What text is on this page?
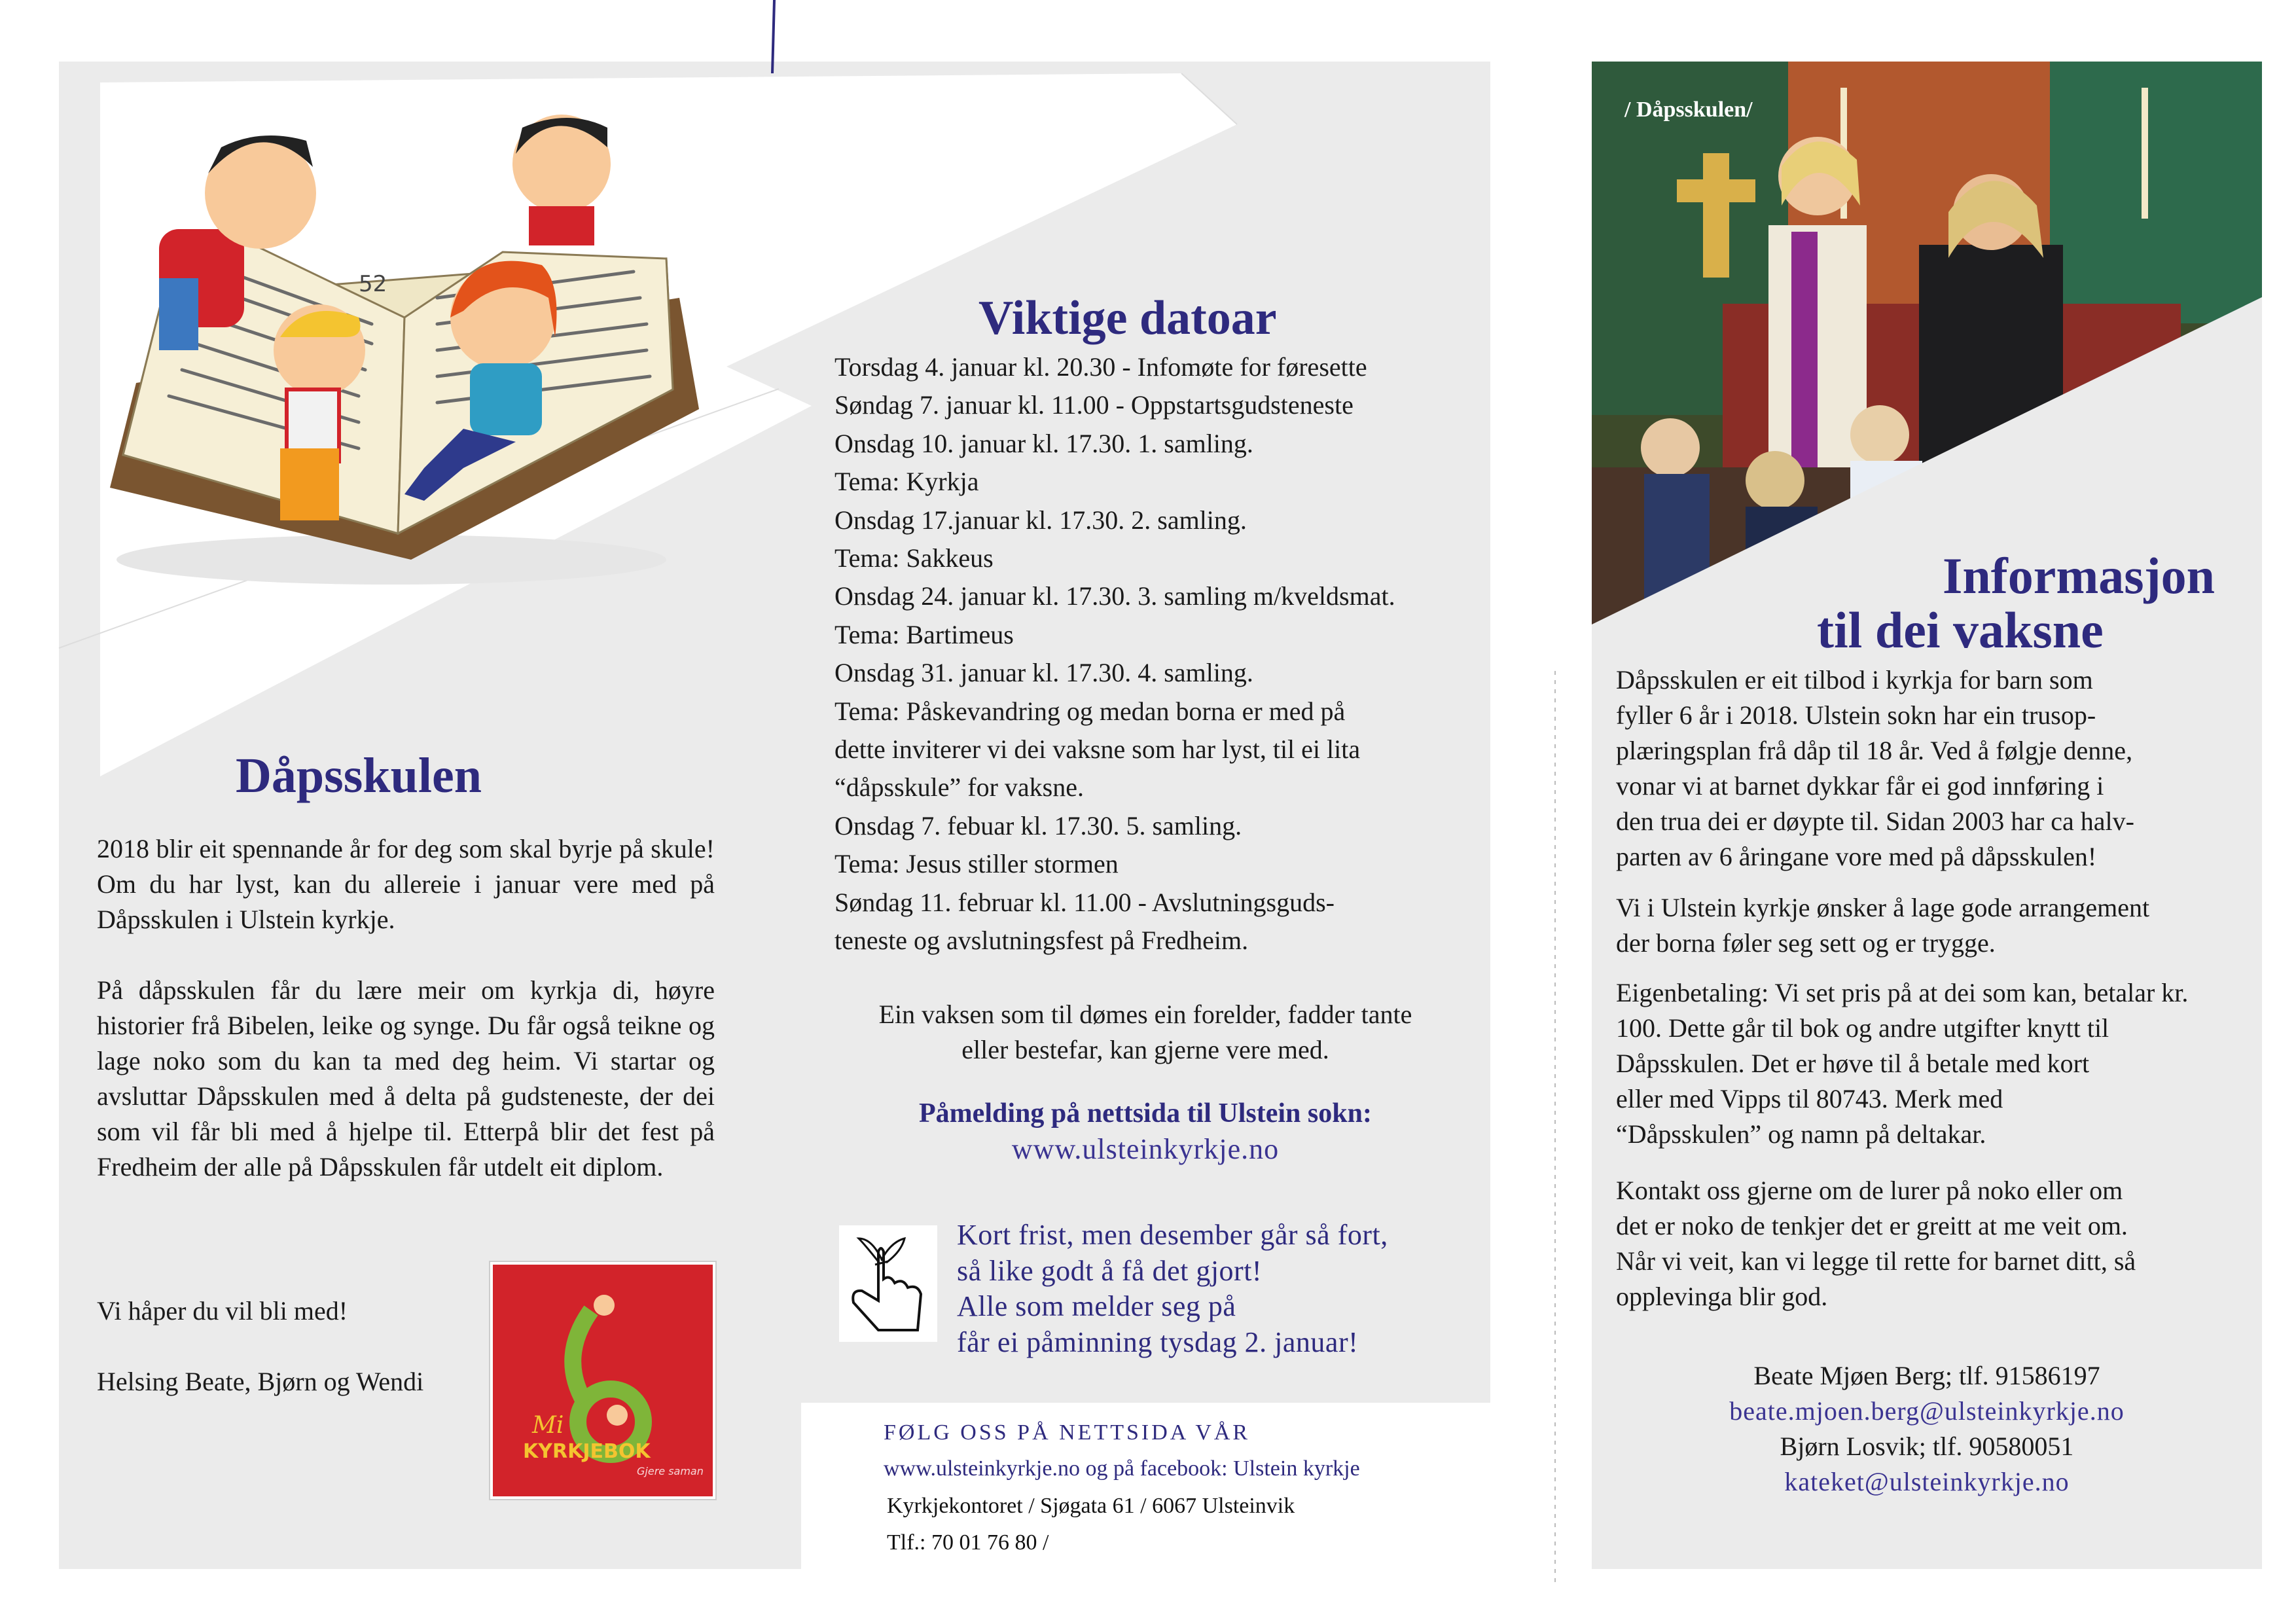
52
Dåpsskulen

2018 blir eit spennande år for deg som skal byrje på skule! Om du har lyst, kan du allereie i januar vere med på Dåpsskulen i Ulstein kyrkje.

På dåpsskulen får du lære meir om kyrkja di, høyre historier frå Bibelen, leike og synge. Du får også teikne og lage noko som du kan ta med deg heim. Vi startar og avsluttar Dåpsskulen med å delta på gudsteneste, der dei som vil får bli med å hjelpe til. Etterpå blir det fest på Fredheim der alle på Dåpsskulen får utdelt eit diplom.

Vi håper du vil bli med!
Helsing Beate, Bjørn og Wendi
Mi
KYRKJEBOK
Gjere saman
Viktige datoar
Torsdag 4. januar kl. 20.30 - Infomøte for føresette
Søndag 7. januar kl. 11.00 - Oppstartsgudsteneste
Onsdag 10. januar kl. 17.30. 1. samling.
Tema: Kyrkja
Onsdag 17.januar kl. 17.30. 2. samling.
Tema: Sakkeus
Onsdag 24. januar kl. 17.30. 3. samling m/kveldsmat.
Tema: Bartimeus
Onsdag 31. januar kl. 17.30. 4. samling.
Tema: Påskevandring og medan borna er med på
dette inviterer vi dei vaksne som har lyst, til ei lita
“dåpsskule” for vaksne.
Onsdag 7. febuar kl. 17.30. 5. samling.
Tema: Jesus stiller stormen
Søndag 11. februar kl. 11.00 - Avslutningsguds-
teneste og avslutningsfest på Fredheim.
Ein vaksen som til dømes ein forelder, fadder tante
eller bestefar, kan gjerne vere med.
Påmelding på nettsida til Ulstein sokn:
www.ulsteinkyrkje.no
Kort frist, men desember går så fort,
så like godt å få det gjort!
Alle som melder seg på
får ei påminning tysdag 2. januar!
FØLG OSS PÅ NETTSIDA VÅR
www.ulsteinkyrkje.no og på facebook: Ulstein kyrkje
Kyrkjekontoret / Sjøgata 61 / 6067 Ulsteinvik
Tlf.: 70 01 76 80 /
/ Dåpsskulen/
Informasjon
til dei vaksne
Dåpsskulen er eit tilbod i kyrkja for barn som
fyller 6 år i 2018. Ulstein sokn har ein trusop-
plæringsplan frå dåp til 18 år. Ved å følgje denne,
vonar vi at barnet dykkar får ei god innføring i
den trua dei er døypte til. Sidan 2003 har ca halv-
parten av 6 åringane vore med på dåpsskulen!
Vi i Ulstein kyrkje ønsker å lage gode arrangement
der borna føler seg sett og er trygge.
Eigenbetaling: Vi set pris på at dei som kan, betalar kr.
100. Dette går til bok og andre utgifter knytt til
Dåpsskulen. Det er høve til å betale med kort
eller med Vipps til 80743. Merk med
“Dåpsskulen” og namn på deltakar.
Kontakt oss gjerne om de lurer på noko eller om
det er noko de tenkjer det er greitt at me veit om.
Når vi veit, kan vi legge til rette for barnet ditt, så
opplevinga blir god.
Beate Mjøen Berg; tlf. 91586197
beate.mjoen.berg@ulsteinkyrkje.no
Bjørn Losvik; tlf. 90580051
kateket@ulsteinkyrkje.no
